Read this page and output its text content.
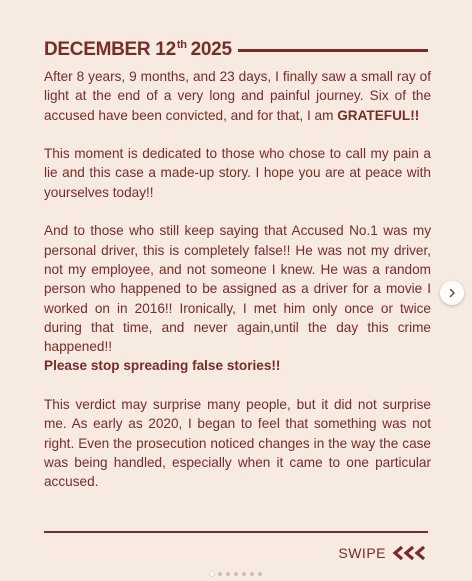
DECEMBER 12th 2025

After 8 years, 9 months, and 23 days, I finally saw a small ray of light at the end of a very long and painful journey. Six of the accused have been convicted, and for that, I am GRATEFUL!!

This moment is dedicated to those who chose to call my pain a lie and this case a made-up story. I hope you are at peace with yourselves today!!

And to those who still keep saying that Accused No.1 was my personal driver, this is completely false!! He was not my driver, not my employee, and not someone I knew. He was a random person who happened to be assigned as a driver for a movie I worked on in 2016!! Ironically, I met him only once or twice during that time, and never again,until the day this crime happened!!
Please stop spreading false stories!!

This verdict may surprise many people, but it did not surprise me. As early as 2020, I began to feel that something was not right. Even the prosecution noticed changes in the way the case was being handled, especially when it came to one particular accused.

SWIPE
